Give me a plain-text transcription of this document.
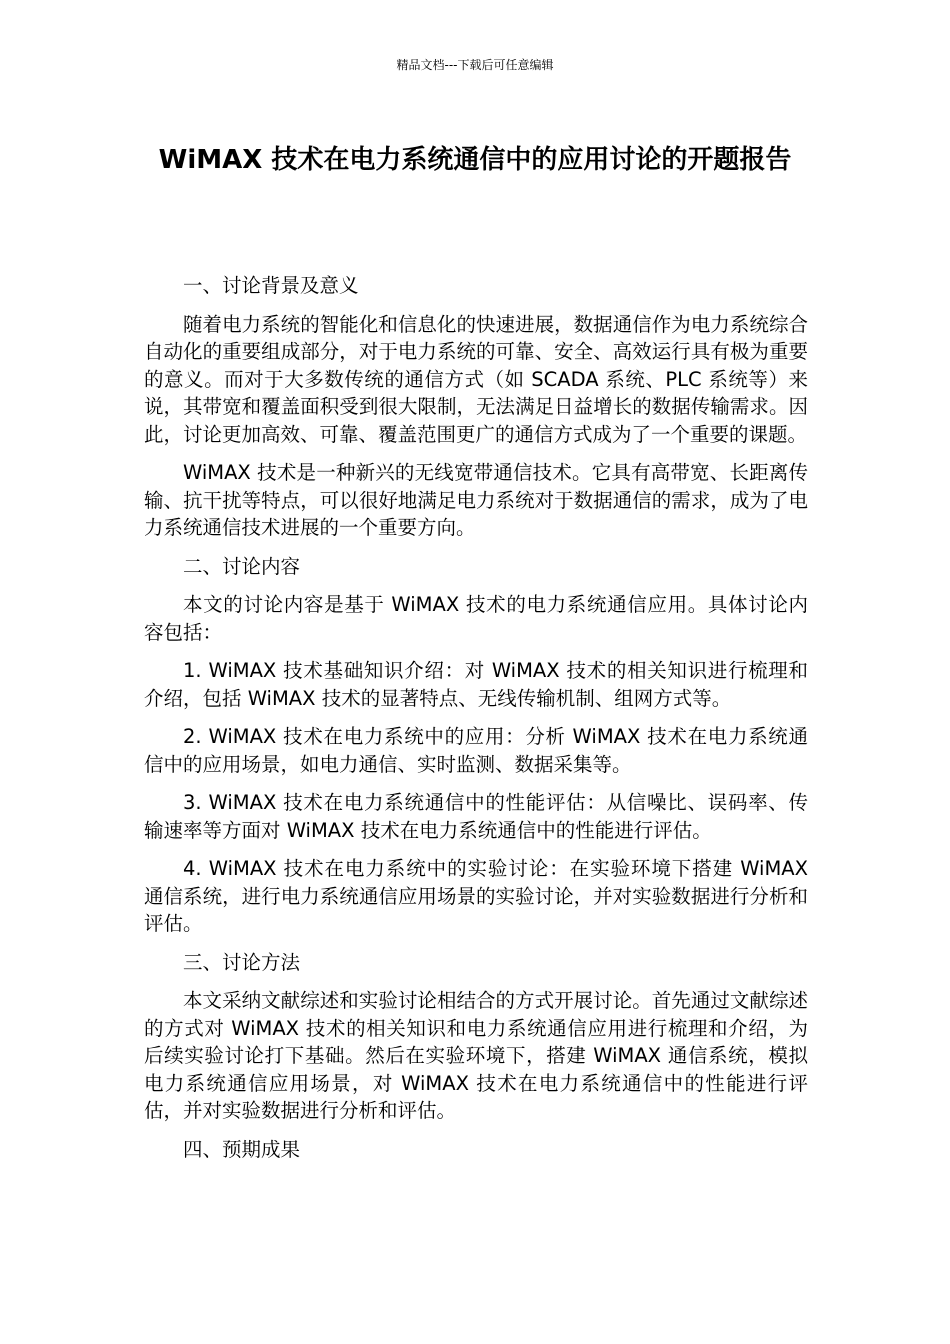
精品文档---下载后可任意编辑
WiMAX 技术在电力系统通信中的应用讨论的开题报告

一、讨论背景及意义

随着电力系统的智能化和信息化的快速进展，数据通信作为电力系统综合自动化的重要组成部分，对于电力系统的可靠、安全、高效运行具有极为重要的意义。而对于大多数传统的通信方式（如 SCADA 系统、PLC 系统等）来说，其带宽和覆盖面积受到很大限制，无法满足日益增长的数据传输需求。因此，讨论更加高效、可靠、覆盖范围更广的通信方式成为了一个重要的课题。

WiMAX 技术是一种新兴的无线宽带通信技术。它具有高带宽、长距离传输、抗干扰等特点，可以很好地满足电力系统对于数据通信的需求，成为了电力系统通信技术进展的一个重要方向。

二、讨论内容

本文的讨论内容是基于 WiMAX 技术的电力系统通信应用。具体讨论内容包括：

1. WiMAX 技术基础知识介绍：对 WiMAX 技术的相关知识进行梳理和介绍，包括 WiMAX 技术的显著特点、无线传输机制、组网方式等。

2. WiMAX 技术在电力系统中的应用：分析 WiMAX 技术在电力系统通信中的应用场景，如电力通信、实时监测、数据采集等。

3. WiMAX 技术在电力系统通信中的性能评估：从信噪比、误码率、传输速率等方面对 WiMAX 技术在电力系统通信中的性能进行评估。

4. WiMAX 技术在电力系统中的实验讨论：在实验环境下搭建 WiMAX 通信系统，进行电力系统通信应用场景的实验讨论，并对实验数据进行分析和评估。

三、讨论方法

本文采纳文献综述和实验讨论相结合的方式开展讨论。首先通过文献综述的方式对 WiMAX 技术的相关知识和电力系统通信应用进行梳理和介绍，为后续实验讨论打下基础。然后在实验环境下，搭建 WiMAX 通信系统，模拟电力系统通信应用场景，对 WiMAX 技术在电力系统通信中的性能进行评估，并对实验数据进行分析和评估。

四、预期成果
